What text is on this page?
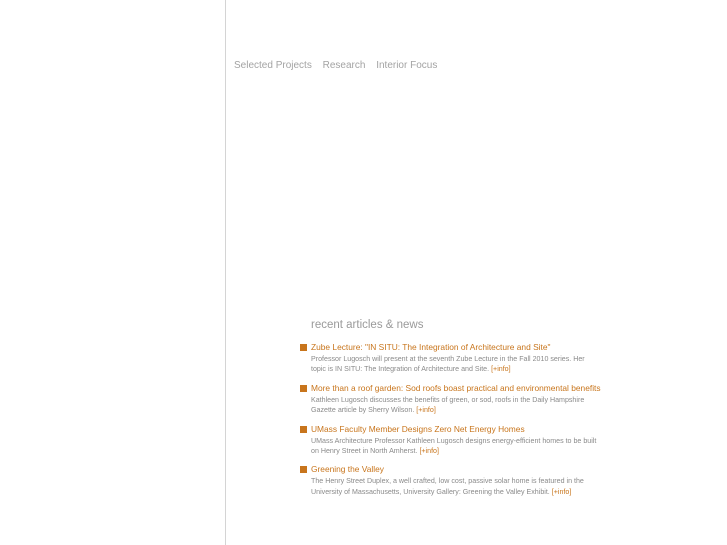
Selected Projects Research Interior Focus
recent articles & news
Zube Lecture: "IN SITU: The Integration of Architecture and Site"
Professor Lugosch will present at the seventh Zube Lecture in the Fall 2010 series. Her topic is IN SITU: The Integration of Architecture and Site. [+info]
More than a roof garden: Sod roofs boast practical and environmental benefits
Kathleen Lugosch discusses the benefits of green, or sod, roofs in the Daily Hampshire Gazette article by Sherry Wilson. [+info]
UMass Faculty Member Designs Zero Net Energy Homes
UMass Architecture Professor Kathleen Lugosch designs energy-efficient homes to be built on Henry Street in North Amherst. [+info]
Greening the Valley
The Henry Street Duplex, a well crafted, low cost, passive solar home is featured in the University of Massachusetts, University Gallery: Greening the Valley Exhibit. [+info]
